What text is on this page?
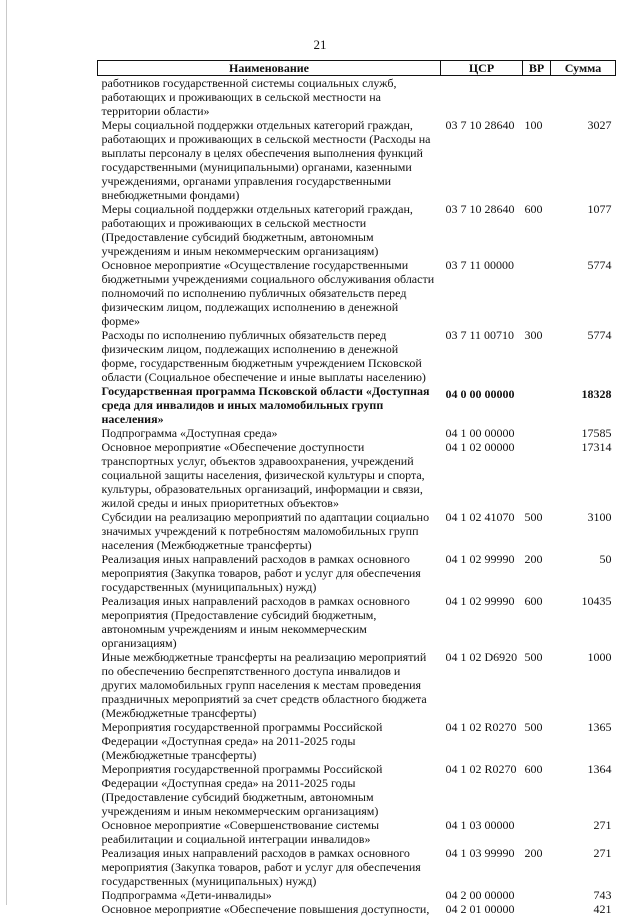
21
Наименование	ЦСР	ВР	Сумма
работников государственной системы социальных служб, работающих и проживающих в сельской местности на территории области»			
Меры социальной поддержки отдельных категорий граждан, работающих и проживающих в сельской местности (Расходы на выплаты персоналу в целях обеспечения выполнения функций государственными (муниципальными) органами, казенными учреждениями, органами управления государственными внебюджетными фондами)	03 7 10 28640	100	3027
Меры социальной поддержки отдельных категорий граждан, работающих и проживающих в сельской местности (Предоставление субсидий бюджетным, автономным учреждениям и иным некоммерческим организациям)	03 7 10 28640	600	1077
Основное мероприятие «Осуществление государственными бюджетными учреждениями социального обслуживания области полномочий по исполнению публичных обязательств перед физическим лицом, подлежащих исполнению в денежной форме»	03 7 11 00000		5774
Расходы по исполнению публичных обязательств перед физическим лицом, подлежащих исполнению в денежной форме, государственным бюджетным учреждением Псковской области (Социальное обеспечение и иные выплаты населению)	03 7 11 00710	300	5774
Государственная программа Псковской области «Доступная среда для инвалидов и иных маломобильных групп населения»	04 0 00 00000		18328
Подпрограмма «Доступная среда»	04 1 00 00000		17585
Основное мероприятие «Обеспечение доступности транспортных услуг, объектов здравоохранения, учреждений социальной защиты населения, физической культуры и спорта, культуры, образовательных организаций, информации и связи, жилой среды и иных приоритетных объектов»	04 1 02 00000		17314
Субсидии на реализацию мероприятий по адаптации социально значимых учреждений к потребностям маломобильных групп населения (Межбюджетные трансферты)	04 1 02 41070	500	3100
Реализация иных направлений расходов в рамках основного мероприятия (Закупка товаров, работ и услуг для обеспечения государственных (муниципальных) нужд)	04 1 02 99990	200	50
Реализация иных направлений расходов в рамках основного мероприятия (Предоставление субсидий бюджетным, автономным учреждениям и иным некоммерческим организациям)	04 1 02 99990	600	10435
Иные межбюджетные трансферты на реализацию мероприятий по обеспечению беспрепятственного доступа инвалидов и других маломобильных групп населения к местам проведения праздничных мероприятий за счет средств областного бюджета (Межбюджетные трансферты)	04 1 02 D6920	500	1000
Мероприятия государственной программы Российской Федерации «Доступная среда» на 2011-2025 годы (Межбюджетные трансферты)	04 1 02 R0270	500	1365
Мероприятия государственной программы Российской Федерации «Доступная среда» на 2011-2025 годы (Предоставление субсидий бюджетным, автономным учреждениям и иным некоммерческим организациям)	04 1 02 R0270	600	1364
Основное мероприятие «Совершенствование системы реабилитации и социальной интеграции инвалидов»	04 1 03 00000		271
Реализация иных направлений расходов в рамках основного мероприятия (Закупка товаров, работ и услуг для обеспечения государственных (муниципальных) нужд)	04 1 03 99990	200	271
Подпрограмма «Дети-инвалиды»	04 2 00 00000		743
Основное мероприятие «Обеспечение повышения доступности,	04 2 01 00000		421
